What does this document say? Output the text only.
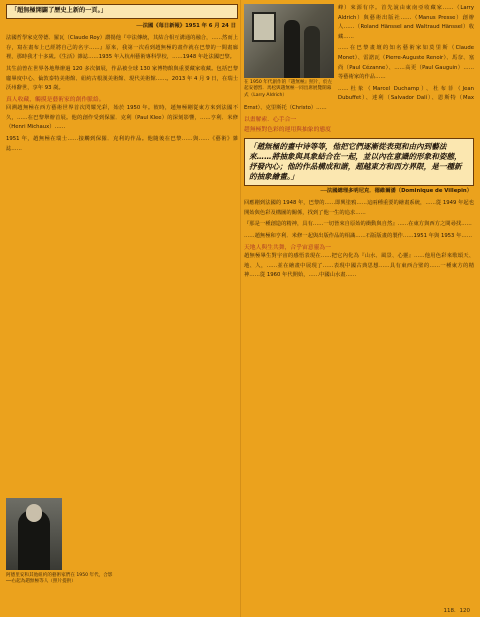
「超無極開闢了歷史上新的一頁。」
──法國《每日新報》1951 年 6 月 24 日
法國哲學家克勞德．羅瓦（Claude Roy）讚揚他『中法傳統，其結合相互溝通的融合，……然而上存，寫在畫布上已經將自己的名字……』原來，我第一次看到趙無極的畫作就在巴黎的一間畫廊裡，那時我才十多歲。《生活》雜誌……1935 年入杭州藝術專科學校，……1948 年赴法國巴黎。
其生前曾在世界各地舉辦過 120 多次個展，作品被全球 130 家博物館與重要藏家收藏。包括巴黎龐畢度中心、倫敦泰特美術館、紐約古根漢美術館、現代美術館……。2013 年 4 月 9 日，在瑞士沃州辭世，享年 93 歲。
真人收藏，觸摸是藝術家的創作脈絡。
回溯趙無極在西方藝術世界首次閃耀光彩，始於 1950 年。彼時，趙無極剛從東方來到法國不久，……在巴黎舉辦首展。他的創作受到保羅．克利（Paul Klee）的深刻影響，……亨利．米修（Henri Michaux）……
1951 年，趙無極在瑞士……接觸到保羅．克利的作品。他隨後在巴黎……與……《藝術》雜誌……
阿德里安和其他紐約的藝術家們在 1950 年代，合影──右起為趙無極等人（照片提供）
峰）來源有序。首先說由東南亞收藏家……（Larry Aldrich）與藝術出版社……（Manus Presse）創辦人……（Roland Hänssel and Waltraud Hänssel）收藏……
在 1950 年代創作的『趙無極』照片，於左起安德烈．馬松與趙無極一同出席展覽開幕式（Larry Aldrich）
……在巴黎畫壇的知名藝術家如莫里斯（Claude Monet）、雷諾瓦（Pierre-Auguste Renoir）、馬奈、塞尚（Paul Cézanne）、……高更（Paul Gauguin）……等藝術家的作品……
……杜象（Marcel Duchamp）、杜布菲（Jean Dubuffet）、達利（Salvador Dalí）、恩斯特（Max Ernst）、克里斯托（Christo）……
以畫解索．心手合一
趙無極對色彩的運用與抽象的態度
「趙無極的畫中诗等等，他把它們逐漸從表現和由內到藝法來……將抽象與具象結合在一起，並以內在意識的形象和姿態，抒發內心；他的作品構成和諧，超越東方和西方界限，是一種新的抽象繪畫。」
──法國總理多明尼克．德維爾潘（Dominique de Villepin）
回應剛到法國的 1948 年，巴黎的……即興塗鴉……這兩種重要的繪畫系統，……從 1949 年起也開始與色彩及構圖的關係，找到了他一生的追求……
『那是一種創造的精神，具有……一切皆來自原始的衝動與自然』……在東方與西方之間尋找……
……趙無極和亨利．米修一起與出版作品的相識……石版版畫的製作……1951 年與 1953 年……
天地人與生共舞，合乎宙意靈為一
趙無極畢生對宇宙的感悟表現在……把它內化為『山水、風景、心靈』……他用色彩來歌頌天、地、人，……並在繪畫中展現了……表現中國古典思想……具有東西合璧的……一種東方的精神……從 1960 年代開始，……中國山水畫……
118．120
